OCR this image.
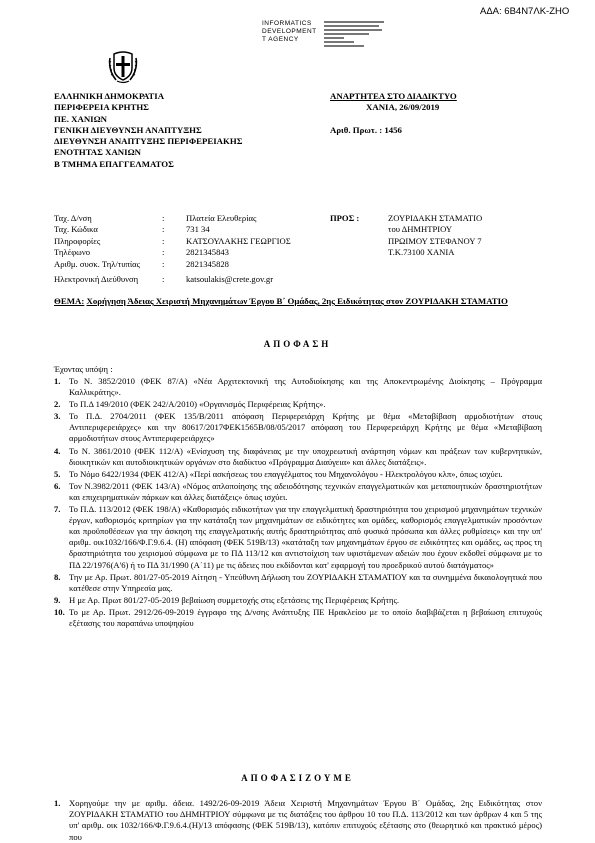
ΑΔΑ: 6Β4Ν7ΛΚ-ΖΗΟ
INFORMATICS
DEVELOPMENT
T AGENCY
ΕΛΛΗΝΙΚΗ ΔΗΜΟΚΡΑΤΙΑ
ΠΕΡΙΦΕΡΕΙΑ ΚΡΗΤΗΣ
ΠΕ. ΧΑΝΙΩΝ
ΓΕΝΙΚΗ ΔΙΕΥΘΥΝΣΗ ΑΝΑΠΤΥΞΗΣ
ΔΙΕΥΘΥΝΣΗ ΑΝΑΠΤΥΞΗΣ ΠΕΡΙΦΕΡΕΙΑΚΗΣ
ΕΝΟΤΗΤΑΣ ΧΑΝΙΩΝ
Β ΤΜΗΜΑ ΕΠΑΓΓΕΛΜΑΤΟΣ
ΑΝΑΡΤΗΤΕΑ ΣΤΟ ΔΙΑΔΙΚΤΥΟ
ΧΑΝΙΑ, 26/09/2019
Αριθ. Πρωτ. : 1456
Ταχ. Δ/νση	:	Πλατεία Ελευθερίας
Ταχ. Κώδικα	:	731 34
Πληροφορίες	:	ΚΑΤΣΟΥΛΑΚΗΣ ΓΕΩΡΓΙΟΣ
Τηλέφωνο	:	2821345843
Αριθμ. συσκ. Τηλ/τυπίας	:	2821345828
Ηλεκτρονική Διεύθυνση	:	katsoulakis@crete.gov.gr
ΠΡΟΣ :	ΖΟΥΡΙΔΑΚΗ ΣΤΑΜΑΤΙΟ
του ΔΗΜΗΤΡΙΟΥ
ΠΡΩΙΜΟΥ ΣΤΕΦΑΝΟΥ 7
Τ.Κ.73100 ΧΑΝΙΑ
ΘΕΜΑ: Χορήγηση Άδειας Χειριστή Μηχανημάτων Έργου Β΄ Ομάδας, 2ης Ειδικότητας στον ΖΟΥΡΙΔΑΚΗ ΣΤΑΜΑΤΙΟ
ΑΠΟΦΑΣΗ
Έχοντας υπόψη :
1. Το Ν. 3852/2010 (ΦΕΚ 87/Α) «Νέα Αρχιτεκτονική της Αυτοδιοίκησης και της Αποκεντρωμένης Διοίκησης – Πρόγραμμα Καλλικράτης».
2. Το Π.Δ 149/2010 (ΦΕΚ 242/Α/2010) «Οργανισμός Περιφέρειας Κρήτης».
3. Το Π.Δ. 2704/2011 (ΦΕΚ 135/Β/2011 απόφαση Περιφερειάρχη Κρήτης με θέμα «Μεταβίβαση αρμοδιοτήτων στους Αντιπεριφερειάρχες» και την 80617/2017ΦΕΚ1565Β/08/05/2017 απόφαση του Περιφερειάρχη Κρήτης με θέμα «Μεταβίβαση αρμοδιοτήτων στους Αντιπεριφερειάρχες»
4. Το Ν. 3861/2010 (ΦΕΚ 112/Α) «Ενίσχυση της διαφάνειας με την υποχρεωτική ανάρτηση νόμων και πράξεων των κυβερνητικών, διοικητικών και αυτοδιοικητικών οργάνων στο διαδίκτυο «Πρόγραμμα Διαύγεια» και άλλες διατάξεις».
5. Το Νόμο 6422/1934 (ΦΕΚ 412/Α) «Περί ασκήσεως του επαγγέλματος του Μηχανολόγου - Ηλεκτρολόγου κλπ», όπως ισχύει.
6. Τον Ν.3982/2011 (ΦΕΚ 143/Α) «Νόμος απλοποίησης της αδειοδότησης τεχνικών επαγγελματικών και μεταποιητικών δραστηριοτήτων και επιχειρηματικών πάρκων και άλλες διατάξεις» όπως ισχύει.
7. Το Π.Δ. 113/2012 (ΦΕΚ 198/Α) «Καθορισμός ειδικοτήτων για την επαγγελματική δραστηριότητα του χειρισμού μηχανημάτων τεχνικών έργων, καθορισμός κριτηρίων για την κατάταξη των μηχανημάτων σε ειδικότητες και ομάδες, καθορισμός επαγγελματικών προσόντων και προϋποθέσεων για την άσκηση της επαγγελματικής αυτής δραστηριότητας από φυσικά πρόσωπα και άλλες ρυθμίσεις» και την υπ' αριθμ. οικ1032/166/Φ.Γ.9.6.4. (Η) απόφαση (ΦΕΚ 519Β/13) «κατάταξη των μηχανημάτων έργου σε ειδικότητες και ομάδες, ως προς τη δραστηριότητα του χειρισμού σύμφωνα με το ΠΔ 113/12 και αντιστοίχιση των υφιστάμενων αδειών που έχουν εκδοθεί σύμφωνα με το ΠΔ 22/1976(Α'6) ή το ΠΔ 31/1990 (Α΄11) με τις άδειες που εκδίδονται κατ' εφαρμογή του προεδρικού αυτού διατάγματος»
8. Την με Αρ. Πρωτ. 801/27-05-2019 Αίτηση - Υπεύθυνη Δήλωση του ΖΟΥΡΙΔΑΚΗ ΣΤΑΜΑΤΙΟΥ και τα συνημμένα δικαιολογητικά που κατέθεσε στην Υπηρεσία μας.
9. Η με Αρ. Πρωτ 801/27-05-2019 βεβαίωση συμμετοχής στις εξετάσεις της Περιφέρειας Κρήτης.
10. Το με Αρ. Πρωτ. 2912/26-09-2019 έγγραφο της Δ/νσης Ανάπτυξης ΠΕ Ηρακλείου με το οποίο διαβιβάζεται η βεβαίωση επιτυχούς εξέτασης του παραπάνω υποψηφίου
ΑΠΟΦΑΣΙΖΟΥΜΕ
1. Χορηγούμε την με αριθμ. άδεια. 1492/26-09-2019 Άδεια Χειριστή Μηχανημάτων Έργου Β΄ Ομάδας, 2ης Ειδικότητας στον ΖΟΥΡΙΔΑΚΗ ΣΤΑΜΑΤΙΟ του ΔΗΜΗΤΡΙΟΥ σύμφωνα με τις διατάξεις του άρθρου 10 του Π.Δ. 113/2012 και των άρθρων 4 και 5 της υπ' αριθμ. οικ 1032/166/Φ.Γ.9.6.4.(Η)/13 απόφασης (ΦΕΚ 519Β/13), κατόπιν επιτυχούς εξέτασης στο (θεωρητικό και πρακτικό μέρος) που
